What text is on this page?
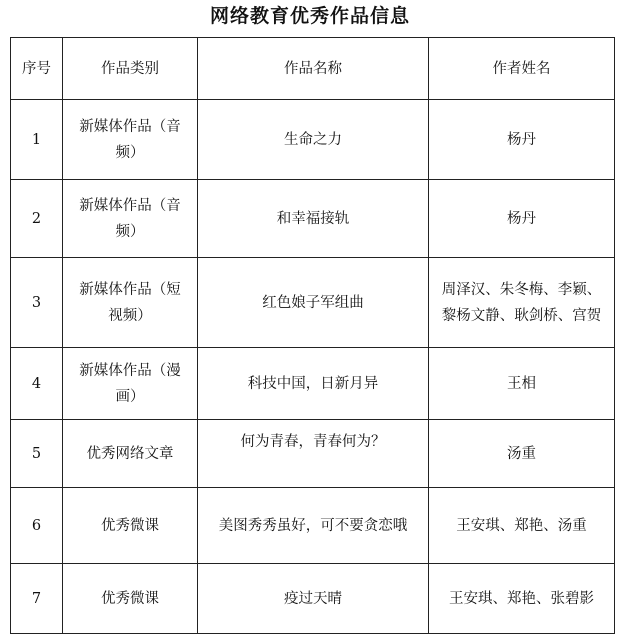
网络教育优秀作品信息
序号	作品类别	作品名称	作者姓名
1	新媒体作品（音频）	生命之力	杨丹
2	新媒体作品（音频）	和幸福接轨	杨丹
3	新媒体作品（短视频）	红色娘子军组曲	周泽汉、朱冬梅、李颖、黎杨文静、耿剑桥、宫贺
4	新媒体作品（漫画）	科技中国，日新月异	王相
5	优秀网络文章	何为青春，青春何为？	汤重
6	优秀微课	美图秀秀虽好，可不要贪恋哦	王安琪、郑艳、汤重
7	优秀微课	疫过天晴	王安琪、郑艳、张碧影
